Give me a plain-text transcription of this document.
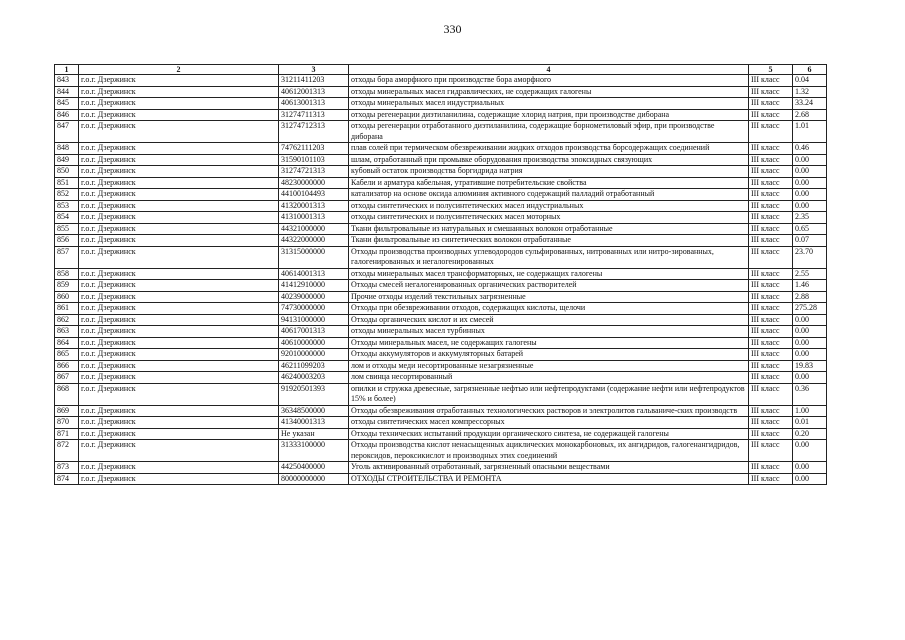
330
1	2	3	4	5	6
843	г.о.г. Дзержинск	31211411203	отходы бора аморфного при производстве бора аморфного	III класс	0.04
844	г.о.г. Дзержинск	40612001313	отходы минеральных масел гидравлических, не содержащих галогены	III класс	1.32
845	г.о.г. Дзержинск	40613001313	отходы минеральных масел индустриальных	III класс	33.24
846	г.о.г. Дзержинск	31274711313	отходы регенерации диэтиланилина, содержащие хлорид натрия, при производстве диборана	III класс	2.68
847	г.о.г. Дзержинск	31274712313	отходы регенерации отработанного диэтиланилина, содержащие борнометиловый эфир, при производстве диборана	III класс	1.01
848	г.о.г. Дзержинск	74762111203	плав солей при термическом обезвреживании жидких отходов производства борсодержащих соединений	III класс	0.46
849	г.о.г. Дзержинск	31590101103	шлам, отработанный при промывке оборудования производства эпоксидных связующих	III класс	0.00
850	г.о.г. Дзержинск	31274721313	кубовый остаток производства боргидрида натрия	III класс	0.00
851	г.о.г. Дзержинск	48230000000	Кабели и арматура кабельная, утратившие потребительские свойства	III класс	0.00
852	г.о.г. Дзержинск	44100104493	катализатор на основе оксида алюминия активного содержащий палладий отработанный	III класс	0.00
853	г.о.г. Дзержинск	41320001313	отходы синтетических и полусинтетических масел индустриальных	III класс	0.00
854	г.о.г. Дзержинск	41310001313	отходы синтетических и полусинтетических масел моторных	III класс	2.35
855	г.о.г. Дзержинск	44321000000	Ткани фильтровальные из натуральных и смешанных волокон отработанные	III класс	0.65
856	г.о.г. Дзержинск	44322000000	Ткани фильтровальные из синтетических волокон отработанные	III класс	0.07
857	г.о.г. Дзержинск	31315000000	Отходы производства производных углеводородов сульфированных, нитрованных или нитро-зированных, галогенированных и негалогенированных	III класс	23.70
858	г.о.г. Дзержинск	40614001313	отходы минеральных масел трансформаторных, не содержащих галогены	III класс	2.55
859	г.о.г. Дзержинск	41412910000	Отходы смесей негалогенированных органических растворителей	III класс	1.46
860	г.о.г. Дзержинск	40239000000	Прочие отходы изделий текстильных загрязненные	III класс	2.88
861	г.о.г. Дзержинск	74730000000	Отходы при обезвреживании отходов, содержащих кислоты, щелочи	III класс	275.28
862	г.о.г. Дзержинск	94131000000	Отходы органических кислот и их смесей	III класс	0.00
863	г.о.г. Дзержинск	40617001313	отходы минеральных масел турбинных	III класс	0.00
864	г.о.г. Дзержинск	40610000000	Отходы минеральных масел, не содержащих галогены	III класс	0.00
865	г.о.г. Дзержинск	92010000000	Отходы аккумуляторов и аккумуляторных батарей	III класс	0.00
866	г.о.г. Дзержинск	46211099203	лом и отходы меди несортированные незагрязненные	III класс	19.83
867	г.о.г. Дзержинск	46240003203	лом свинца несортированный	III класс	0.00
868	г.о.г. Дзержинск	91920501393	опилки и стружка древесные, загрязненные нефтью или нефтепродуктами (содержание нефти или нефтепродуктов 15% и более)	III класс	0.36
869	г.о.г. Дзержинск	36348500000	Отходы обезвреживания отработанных технологических растворов и электролитов гальваниче-ских производств	III класс	1.00
870	г.о.г. Дзержинск	41340001313	отходы синтетических масел компрессорных	III класс	0.01
871	г.о.г. Дзержинск	Не указан	Отходы технических испытаний продукции органического синтеза, не содержащей галогены	III класс	0.20
872	г.о.г. Дзержинск	31333100000	Отходы производства кислот ненасыщенных ациклических монокарбоновых, их ангидридов, галогенангидридов, пероксидов, пероксикислот и производных этих соединений	III класс	0.00
873	г.о.г. Дзержинск	44250400000	Уголь активированный отработанный, загрязненный опасными веществами	III класс	0.00
874	г.о.г. Дзержинск	80000000000	ОТХОДЫ СТРОИТЕЛЬСТВА И РЕМОНТА	III класс	0.00
